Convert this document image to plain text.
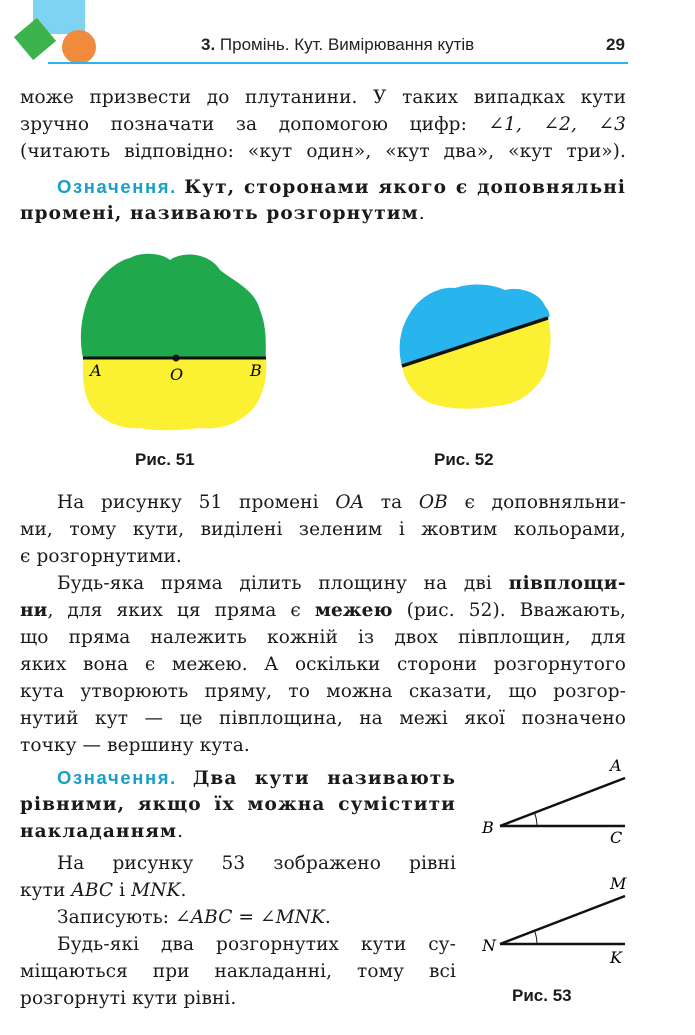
3. Промінь. Кут. Вимірювання кутів	29
може призвести до плутанини. У таких випадках кути
зручно позначати за допомогою цифр: ∠1, ∠2, ∠3
(читають відповідно: «кут один», «кут два», «кут три»).
Означення. Кут, сторонами якого є доповняльні
промені, називають розгорнутим.
A	O	B
Рис. 51	Рис. 52
На рисунку 51 промені OA та OB є доповняльни-
ми, тому кути, виділені зеленим і жовтим кольорами,
є розгорнутими.
Будь-яка пряма ділить площину на дві півплощи-
ни, для яких ця пряма є межею (рис. 52). Вважають,
що пряма належить кожній із двох півплощин, для
яких вона є межею. А оскільки сторони розгорнутого
кута утворюють пряму, то можна сказати, що розгор-
нутий кут — це півплощина, на межі якої позначено
точку — вершину кута.
Означення. Два кути називають
рівними, якщо їх можна сумістити
накладанням.
На рисунку 53 зображено рівні
кути ABC і MNK.
Записують: ∠ABC = ∠MNK.
Будь-які два розгорнутих кути су-
міщаються при накладанні, тому всі
розгорнуті кути рівні.
B
A
C
N
M
K
Рис. 53
